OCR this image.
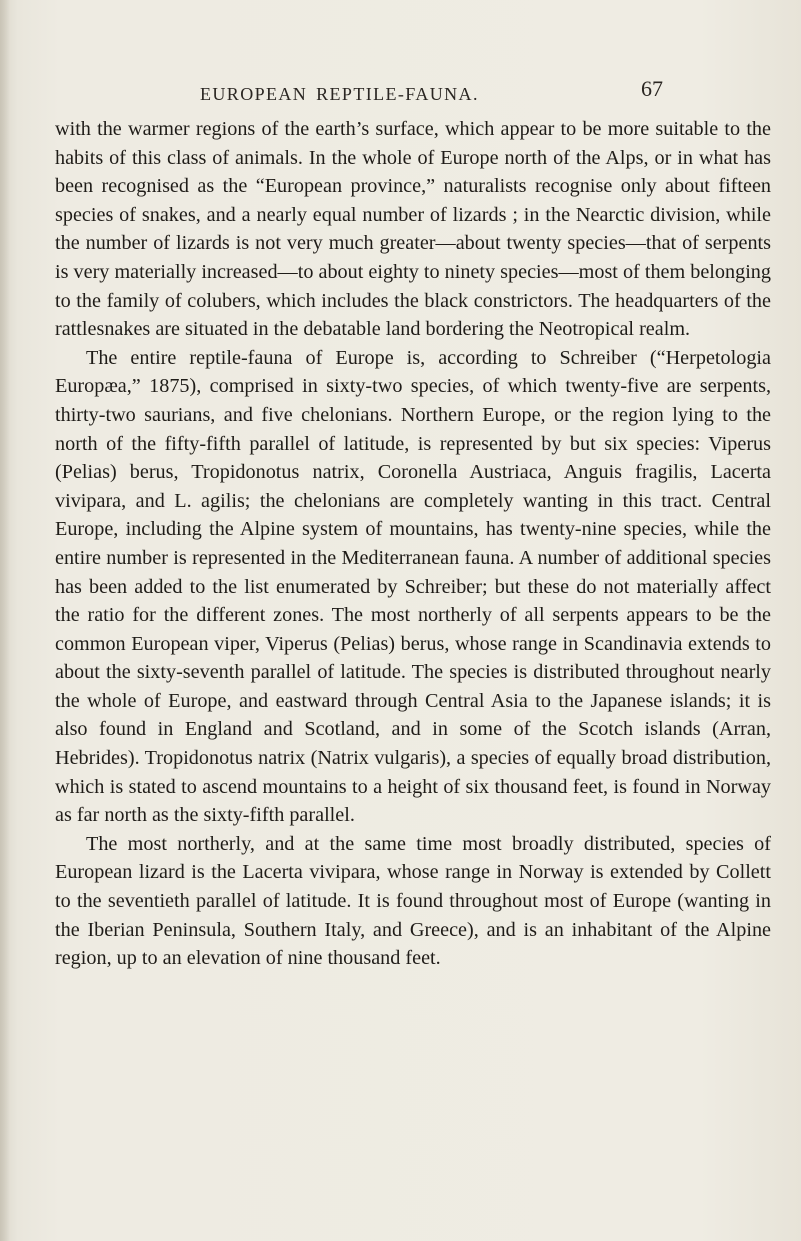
EUROPEAN REPTILE-FAUNA.	67

with the warmer regions of the earth’s surface, which appear to be more suitable to the habits of this class of animals. In the whole of Europe north of the Alps, or in what has been recognised as the “European province,” naturalists recognise only about fifteen species of snakes, and a nearly equal number of lizards ; in the Nearctic division, while the number of lizards is not very much greater—about twenty species—that of serpents is very materially increased—to about eighty to ninety species—most of them belonging to the family of colubers, which includes the black constrictors. The headquarters of the rattlesnakes are situated in the debatable land bordering the Neotropical realm.

The entire reptile-fauna of Europe is, according to Schreiber (“Herpetologia Europæa,” 1875), comprised in sixty-two species, of which twenty-five are serpents, thirty-two saurians, and five chelonians. Northern Europe, or the region lying to the north of the fifty-fifth parallel of latitude, is represented by but six species: Viperus (Pelias) berus, Tropidonotus natrix, Coronella Austriaca, Anguis fragilis, Lacerta vivipara, and L. agilis; the chelonians are completely wanting in this tract. Central Europe, including the Alpine system of mountains, has twenty-nine species, while the entire number is represented in the Mediterranean fauna. A number of additional species has been added to the list enumerated by Schreiber; but these do not materially affect the ratio for the different zones. The most northerly of all serpents appears to be the common European viper, Viperus (Pelias) berus, whose range in Scandinavia extends to about the sixty-seventh parallel of latitude. The species is distributed throughout nearly the whole of Europe, and eastward through Central Asia to the Japanese islands; it is also found in England and Scotland, and in some of the Scotch islands (Arran, Hebrides). Tropidonotus natrix (Natrix vulgaris), a species of equally broad distribution, which is stated to ascend mountains to a height of six thousand feet, is found in Norway as far north as the sixty-fifth parallel.

The most northerly, and at the same time most broadly distributed, species of European lizard is the Lacerta vivipara, whose range in Norway is extended by Collett to the seventieth parallel of latitude. It is found throughout most of Europe (wanting in the Iberian Peninsula, Southern Italy, and Greece), and is an inhabitant of the Alpine region, up to an elevation of nine thousand feet.
